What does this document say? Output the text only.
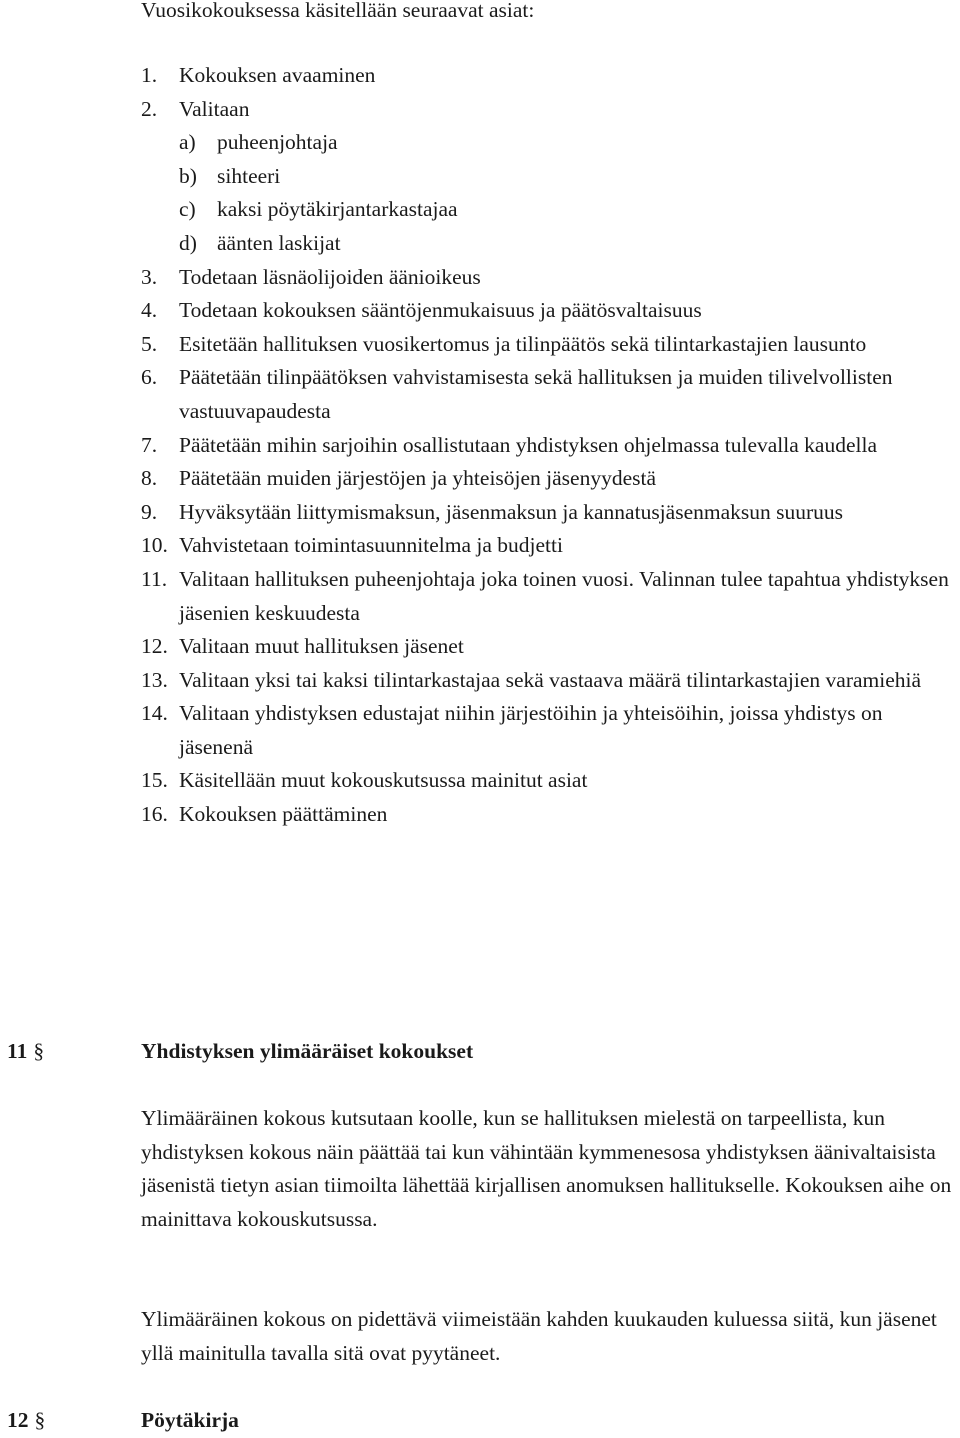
Vuosikokouksessa käsitellään seuraavat asiat:
1.	Kokouksen avaaminen
2.	Valitaan
a) puheenjohtaja
b) sihteeri
c) kaksi pöytäkirjantarkastajaa
d) äänten laskijat
3.	Todetaan läsnäolijoiden äänioikeus
4.	Todetaan kokouksen sääntöjenmukaisuus ja päätösvaltaisuus
5.	Esitetään hallituksen vuosikertomus ja tilinpäätös sekä tilintarkastajien lausunto
6.	Päätetään tilinpäätöksen vahvistamisesta sekä hallituksen ja muiden tilivelvollisten vastuuvapaudesta
7.	Päätetään mihin sarjoihin osallistutaan yhdistyksen ohjelmassa tulevalla kaudella
8.	Päätetään muiden järjestöjen ja yhteisöjen jäsenyydestä
9.	Hyväksytään liittymismaksun, jäsenmaksun ja kannatusjäsenmaksun suuruus
10. Vahvistetaan toimintasuunnitelma ja budjetti
11. Valitaan hallituksen puheenjohtaja joka toinen vuosi. Valinnan tulee tapahtua yhdistyksen jäsenien keskuudesta
12. Valitaan muut hallituksen jäsenet
13. Valitaan yksi tai kaksi tilintarkastajaa sekä vastaava määrä tilintarkastajien varamiehiä
14. Valitaan yhdistyksen edustajat niihin järjestöihin ja yhteisöihin, joissa yhdistys on jäsenenä
15. Käsitellään muut kokouskutsussa mainitut asiat
16. Kokouksen päättäminen
11 §	Yhdistyksen ylimääräiset kokoukset

Ylimääräinen kokous kutsutaan koolle, kun se hallituksen mielestä on tarpeellista, kun yhdistyksen kokous näin päättää tai kun vähintään kymmenesosa yhdistyksen äänivaltaisista jäsenistä tietyn asian tiimoilta lähettää kirjallisen anomuksen hallitukselle. Kokouksen aihe on mainittava kokouskutsussa.

Ylimääräinen kokous on pidettävä viimeistään kahden kuukauden kuluessa siitä, kun jäsenet yllä mainitulla tavalla sitä ovat pyytäneet.

12 §	Pöytäkirja
